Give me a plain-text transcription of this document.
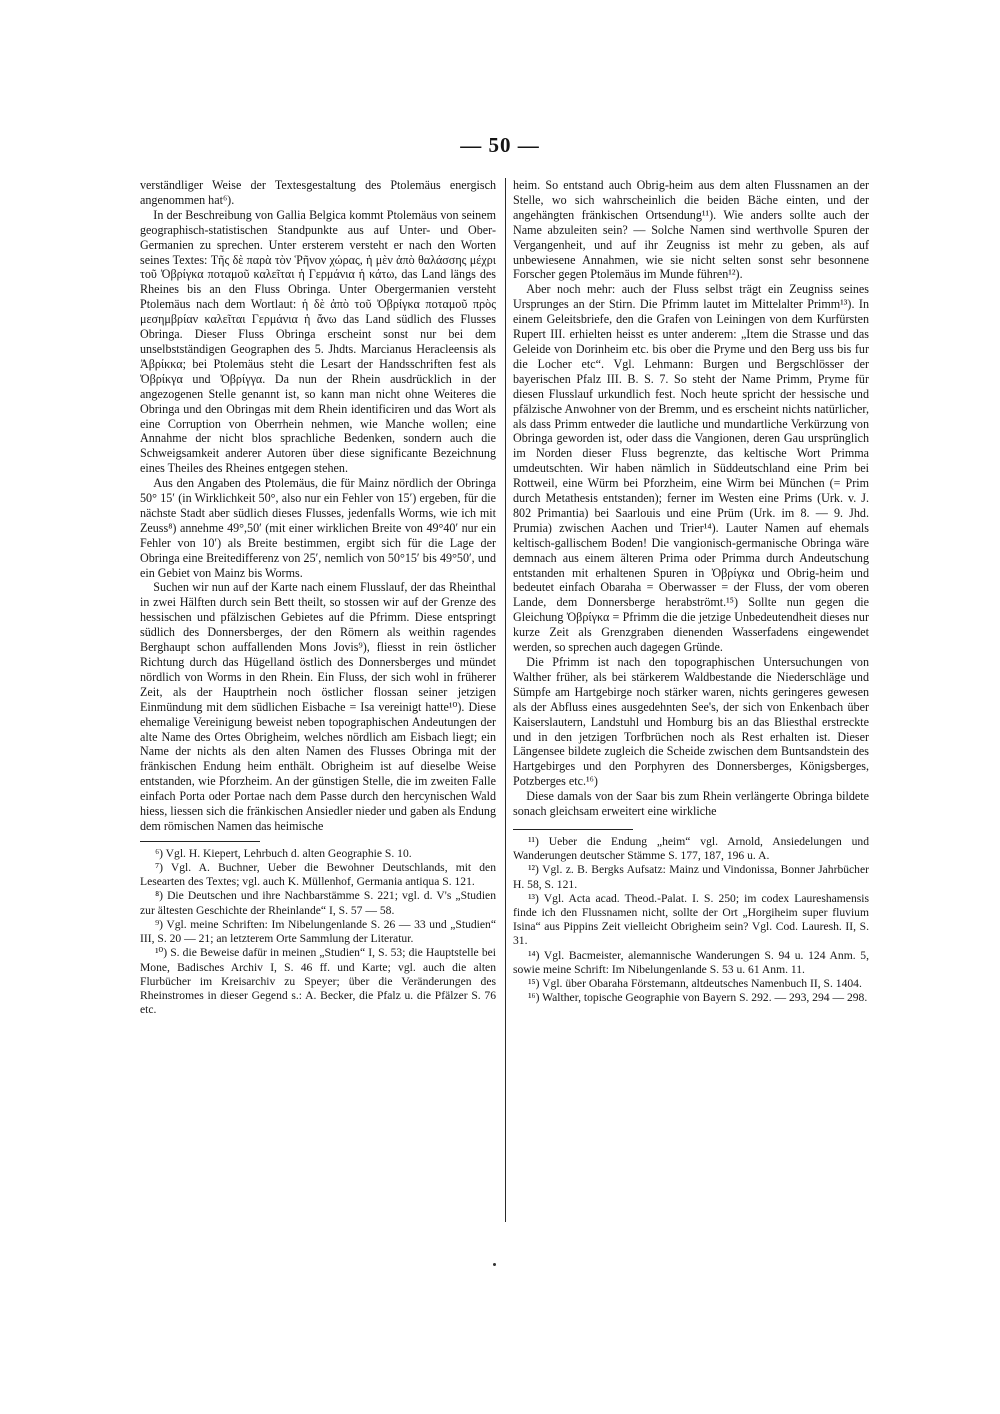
— 50 —

verständliger Weise der Textesgestaltung des Ptolemäus energisch angenommen hat⁶).

In der Beschreibung von Gallia Belgica kommt Ptolemäus von seinem geographisch-statistischen Standpunkte aus auf Unter- und Ober-Germanien zu sprechen. Unter ersterem versteht er nach den Worten seines Textes: Τῆς δὲ παρὰ τὸν Ῥῆνον χώρας, ἡ μὲν ἀπὸ θαλάσσης μέχρι τοῦ Ὀβρίγκα ποταμοῦ καλεῖται ἡ Γερμάνια ἡ κάτω, das Land längs des Rheines bis an den Fluss Obringa. Unter Obergermanien versteht Ptolemäus nach dem Wortlaut: ἡ δὲ ἀπὸ τοῦ Ὀβρίγκα ποταμοῦ πρὸς μεσημβρίαν καλεῖται Γερμάνια ἡ ἄνω das Land südlich des Flusses Obringa. Dieser Fluss Obringa erscheint sonst nur bei dem unselbstständigen Geographen des 5. Jhdts. Marcianus Heracleensis als Ἀβρίκκα; bei Ptolemäus steht die Lesart der Handsschriften fest als Ὀβρίκγα und Ὀβρίγγα. Da nun der Rhein ausdrücklich in der angezogenen Stelle genannt ist, so kann man nicht ohne Weiteres die Obringa und den Obringas mit dem Rhein identificiren und das Wort als eine Corruption von Oberrhein nehmen, wie Manche wollen; eine Annahme der nicht blos sprachliche Bedenken, sondern auch die Schweigsamkeit anderer Autoren über diese significante Bezeichnung eines Theiles des Rheines entgegen stehen.

Aus den Angaben des Ptolemäus, die für Mainz nördlich der Obringa 50° 15′ (in Wirklichkeit 50°, also nur ein Fehler von 15′) ergeben, für die nächste Stadt aber südlich dieses Flusses, jedenfalls Worms, wie ich mit Zeuss⁸) annehme 49°,50′ (mit einer wirklichen Breite von 49°40′ nur ein Fehler von 10′) als Breite bestimmen, ergibt sich für die Lage der Obringa eine Breitedifferenz von 25′, nemlich von 50°15′ bis 49°50′, und ein Gebiet von Mainz bis Worms.

Suchen wir nun auf der Karte nach einem Flusslauf, der das Rheinthal in zwei Hälften durch sein Bett theilt, so stossen wir auf der Grenze des hessischen und pfälzischen Gebietes auf die Pfrimm. Diese entspringt südlich des Donnersberges, der den Römern als weithin ragendes Berghaupt schon auffallenden Mons Jovis⁹), fliesst in rein östlicher Richtung durch das Hügelland östlich des Donnersberges und mündet nördlich von Worms in den Rhein. Ein Fluss, der sich wohl in früherer Zeit, als der Hauptrhein noch östlicher flossan seiner jetzigen Einmündung mit dem südlichen Eisbache = Isa vereinigt hatte¹⁰). Diese ehemalige Vereinigung beweist neben topographischen Andeutungen der alte Name des Ortes Obrigheim, welches nördlich am Eisbach liegt; ein Name der nichts als den alten Namen des Flusses Obringa mit der fränkischen Endung heim enthält. Obrigheim ist auf dieselbe Weise entstanden, wie Pforzheim. An der günstigen Stelle, die im zweiten Falle einfach Porta oder Portae nach dem Passe durch den hercynischen Wald hiess, liessen sich die fränkischen Ansiedler nieder und gaben als Endung dem römischen Namen das heimische

⁶) Vgl. H. Kiepert, Lehrbuch d. alten Geographie S. 10.

⁷) Vgl. A. Buchner, Ueber die Bewohner Deutschlands, mit den Lesearten des Textes; vgl. auch K. Müllenhof, Germania antiqua S. 121.

⁸) Die Deutschen und ihre Nachbarstämme S. 221; vgl. d. V's „Studien zur ältesten Geschichte der Rheinlande“ I, S. 57 — 58.

⁹) Vgl. meine Schriften: Im Nibelungenlande S. 26 — 33 und „Studien“ III, S. 20 — 21; an letzterem Orte Sammlung der Literatur.

¹⁰) S. die Beweise dafür in meinen „Studien“ I, S. 53; die Hauptstelle bei Mone, Badisches Archiv I, S. 46 ff. und Karte; vgl. auch die alten Flurbücher im Kreisarchiv zu Speyer; über die Veränderungen des Rheinstromes in dieser Gegend s.: A. Becker, die Pfalz u. die Pfälzer S. 76 etc.

heim. So entstand auch Obrig-heim aus dem alten Flussnamen an der Stelle, wo sich wahrscheinlich die beiden Bäche einten, und der angehängten fränkischen Ortsendung¹¹). Wie anders sollte auch der Name abzuleiten sein? — Solche Namen sind werthvolle Spuren der Vergangenheit, und auf ihr Zeugniss ist mehr zu geben, als auf unbewiesene Annahmen, wie sie nicht selten sonst sehr besonnene Forscher gegen Ptolemäus im Munde führen¹²).

Aber noch mehr: auch der Fluss selbst trägt ein Zeugniss seines Ursprunges an der Stirn. Die Pfrimm lautet im Mittelalter Primm¹³). In einem Geleitsbriefe, den die Grafen von Leiningen von dem Kurfürsten Rupert III. erhielten heisst es unter anderem: „Item die Strasse und das Geleide von Dorinheim etc. bis ober die Pryme und den Berg uss bis fur die Locher etc“. Vgl. Lehmann: Burgen und Bergschlösser der bayerischen Pfalz III. B. S. 7. So steht der Name Primm, Pryme für diesen Flusslauf urkundlich fest. Noch heute spricht der hessische und pfälzische Anwohner von der Bremm, und es erscheint nichts natürlicher, als dass Primm entweder die lautliche und mundartliche Verkürzung von Obringa geworden ist, oder dass die Vangionen, deren Gau ursprünglich im Norden dieser Fluss begrenzte, das keltische Wort Primma umdeutschten. Wir haben nämlich in Süddeutschland eine Prim bei Rottweil, eine Würm bei Pforzheim, eine Wirm bei München (= Prim durch Metathesis entstanden); ferner im Westen eine Prims (Urk. v. J. 802 Primantia) bei Saarlouis und eine Prüm (Urk. im 8. — 9. Jhd. Prumia) zwischen Aachen und Trier¹⁴). Lauter Namen auf ehemals keltisch-gallischem Boden! Die vangionisch-germanische Obringa wäre demnach aus einem älteren Prima oder Primma durch Andeutschung entstanden mit erhaltenen Spuren in Ὀβρίγκα und Obrig-heim und bedeutet einfach Obaraha = Oberwasser = der Fluss, der vom oberen Lande, dem Donnersberge herabströmt.¹⁵) Sollte nun gegen die Gleichung Ὀβρίγκα = Pfrimm die die jetzige Unbedeutendheit dieses nur kurze Zeit als Grenzgraben dienenden Wasserfadens eingewendet werden, so sprechen auch dagegen Gründe.

Die Pfrimm ist nach den topographischen Untersuchungen von Walther früher, als bei stärkerem Waldbestande die Niederschläge und Sümpfe am Hartgebirge noch stärker waren, nichts geringeres gewesen als der Abfluss eines ausgedehnten See's, der sich von Enkenbach über Kaiserslautern, Landstuhl und Homburg bis an das Bliesthal erstreckte und in den jetzigen Torfbrüchen noch als Rest erhalten ist. Dieser Längensee bildete zugleich die Scheide zwischen dem Buntsandstein des Hartgebirges und den Porphyren des Donnersberges, Königsberges, Potzberges etc.¹⁶)

Diese damals von der Saar bis zum Rhein verlängerte Obringa bildete sonach gleichsam erweitert eine wirkliche

¹¹) Ueber die Endung „heim“ vgl. Arnold, Ansiedelungen und Wanderungen deutscher Stämme S. 177, 187, 196 u. A.

¹²) Vgl. z. B. Bergks Aufsatz: Mainz und Vindonissa, Bonner Jahrbücher H. 58, S. 121.

¹³) Vgl. Acta acad. Theod.-Palat. I. S. 250; im codex Laureshamensis finde ich den Flussnamen nicht, sollte der Ort „Horgiheim super fluvium Isina“ aus Pippins Zeit vielleicht Obrigheim sein? Vgl. Cod. Lauresh. II, S. 31.

¹⁴) Vgl. Bacmeister, alemannische Wanderungen S. 94 u. 124 Anm. 5, sowie meine Schrift: Im Nibelungenlande S. 53 u. 61 Anm. 11.

¹⁵) Vgl. über Obaraha Förstemann, altdeutsches Namenbuch II, S. 1404.

¹⁶) Walther, topische Geographie von Bayern S. 292. — 293, 294 — 298.
